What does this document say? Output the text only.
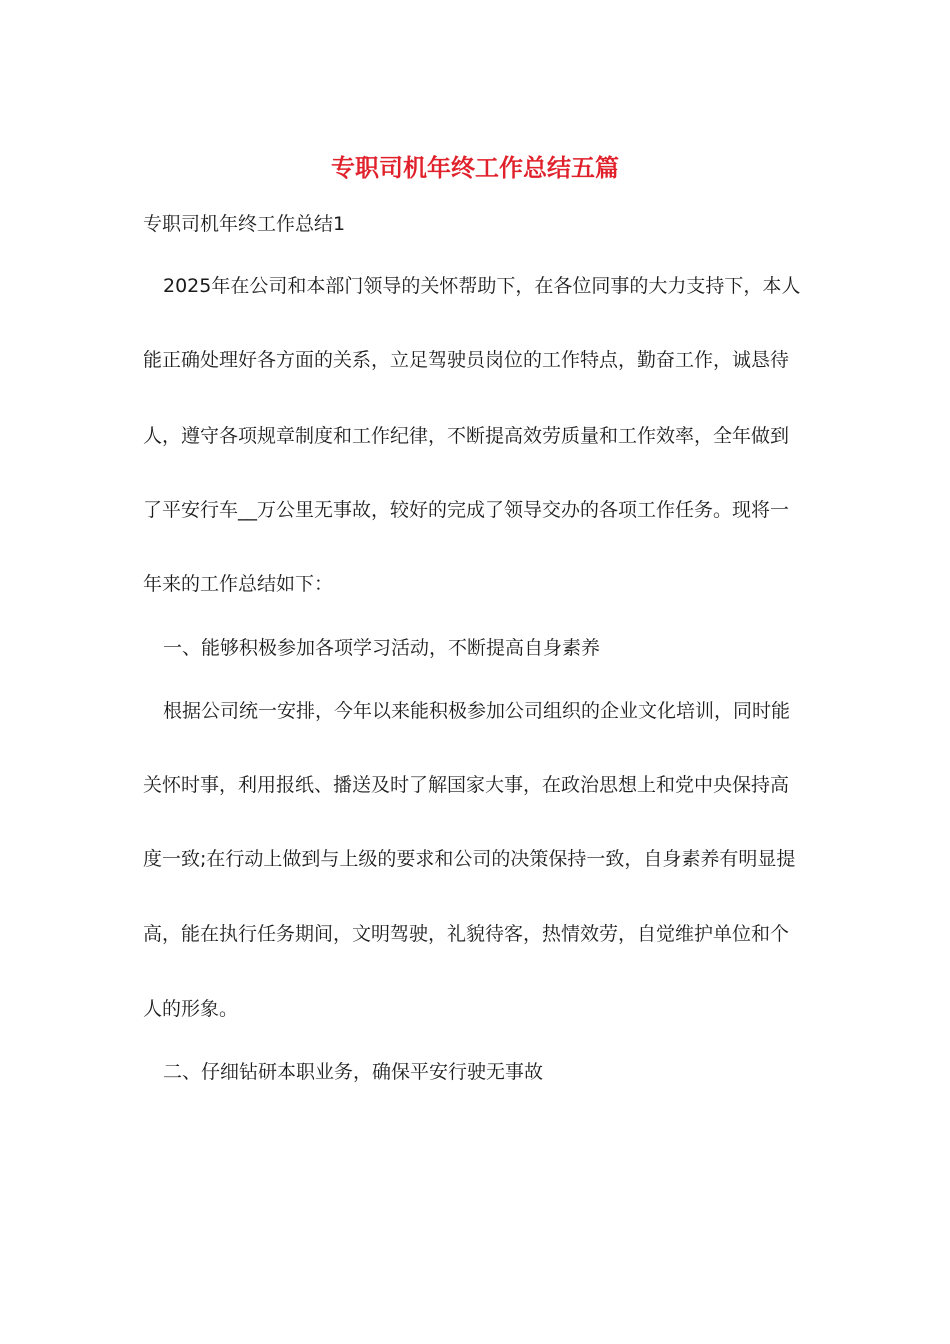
专职司机年终工作总结五篇
专职司机年终工作总结1
2025年在公司和本部门领导的关怀帮助下，在各位同事的大力支持下，本人
能正确处理好各方面的关系，立足驾驶员岗位的工作特点，勤奋工作，诚恳待
人，遵守各项规章制度和工作纪律，不断提高效劳质量和工作效率，全年做到
了平安行车__万公里无事故，较好的完成了领导交办的各项工作任务。现将一
年来的工作总结如下：
一、能够积极参加各项学习活动，不断提高自身素养
根据公司统一安排，今年以来能积极参加公司组织的企业文化培训，同时能
关怀时事，利用报纸、播送及时了解国家大事，在政治思想上和党中央保持高
度一致;在行动上做到与上级的要求和公司的决策保持一致，自身素养有明显提
高，能在执行任务期间，文明驾驶，礼貌待客，热情效劳，自觉维护单位和个
人的形象。
二、仔细钻研本职业务，确保平安行驶无事故
